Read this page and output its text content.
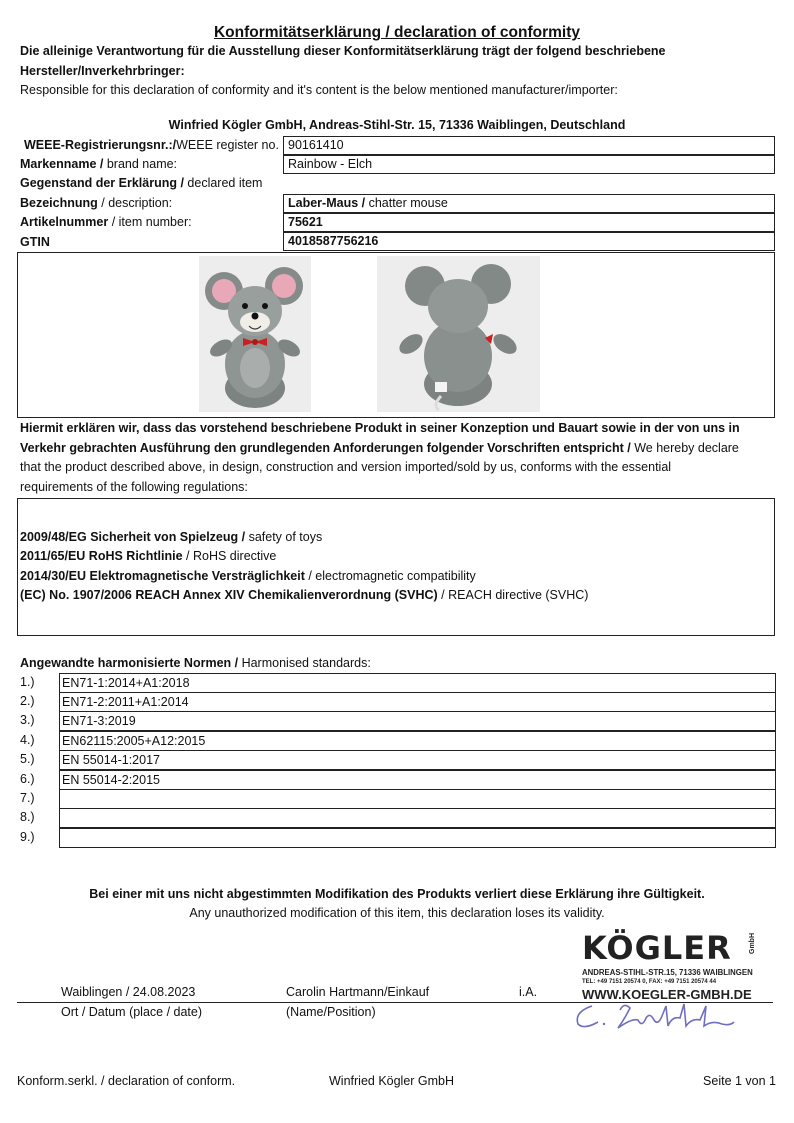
Konformitätserklärung / declaration of conformity
Die alleinige Verantwortung für die Ausstellung dieser Konformitätserklärung trägt der folgend beschriebene
Hersteller/Inverkehrbringer:
Responsible for this declaration of conformity and it's content is the below mentioned manufacturer/importer:
Winfried Kögler GmbH, Andreas-Stihl-Str. 15, 71336 Waiblingen, Deutschland
WEEE-Registrierungsnr.:/WEEE register no. 90161410
Markenname / brand name:	Rainbow - Elch
Gegenstand der Erklärung / declared item
Bezeichnung / description:	Laber-Maus / chatter mouse
Artikelnummer / item number:	75621
GTIN	4018587756216
Hiermit erklären wir, dass das vorstehend beschriebene Produkt in seiner Konzeption und Bauart sowie in der von uns in
Verkehr gebrachten Ausführung den grundlegenden Anforderungen folgender Vorschriften entspricht / We hereby declare
that the product described above, in design, construction and version imported/sold by us, conforms with the essential
requirements of the following regulations:
2009/48/EG Sicherheit von Spielzeug / safety of toys
2011/65/EU RoHS Richtlinie / RoHS directive
2014/30/EU Elektromagnetische Versträglichkeit / electromagnetic compatibility
(EC) No. 1907/2006 REACH Annex XIV Chemikalienverordnung (SVHC) / REACH directive (SVHC)
Angewandte harmonisierte Normen / Harmonised standards:
1.) EN71-1:2014+A1:2018
2.) EN71-2:2011+A1:2014
3.) EN71-3:2019
4.) EN62115:2005+A12:2015
5.) EN 55014-1:2017
6.) EN 55014-2:2015
7.)
8.)
9.)
Bei einer mit uns nicht abgestimmten Modifikation des Produkts verliert diese Erklärung ihre Gültigkeit.
Any unauthorized modification of this item, this declaration loses its validity.
KÖGLER GmbH
ANDREAS-STIHL-STR.15, 71336 WAIBLINGEN
TEL: +49 7151 20574 0, FAX: +49 7151 20574 44
WWW.KOEGLER-GMBH.DE
Waiblingen / 24.08.2023	Carolin Hartmann/Einkauf	i.A.
Ort / Datum (place / date)	(Name/Position)
Konform.serkl. / declaration of conform.	Winfried Kögler GmbH	Seite 1 von 1
